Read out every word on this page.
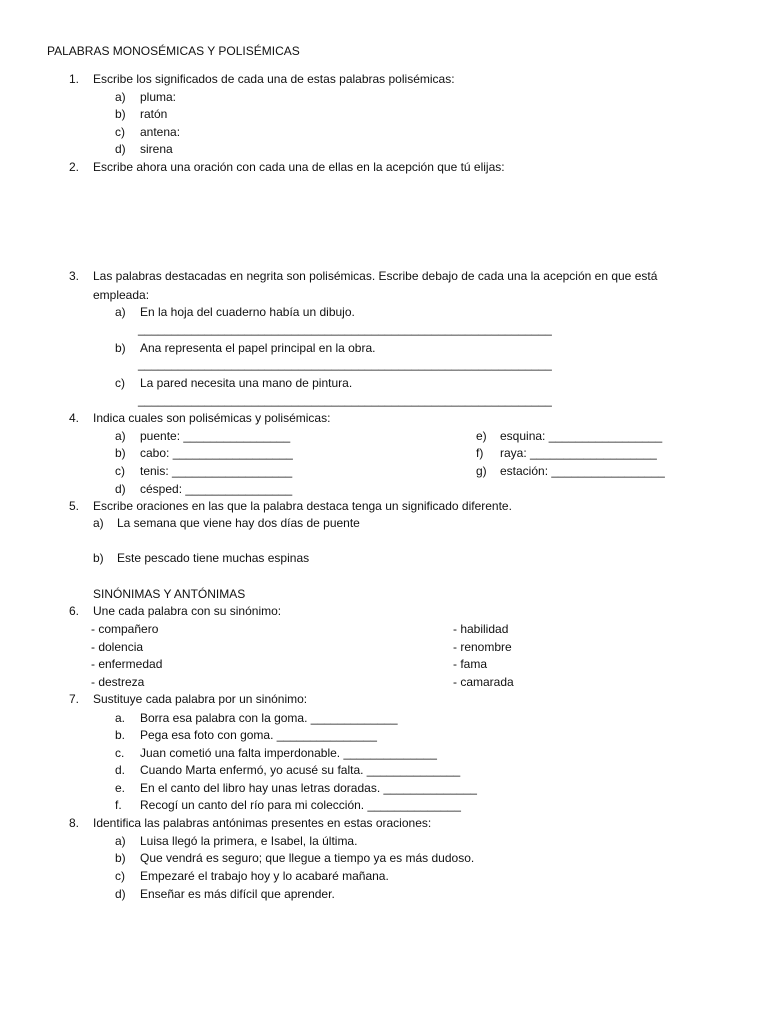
PALABRAS MONOSÉMICAS Y POLISÉMICAS
1. Escribe los significados de cada una de estas palabras polisémicas:
a) pluma:
b) ratón
c) antena:
d) sirena
2. Escribe ahora una oración con cada una de ellas en la acepción que tú elijas:
3. Las palabras destacadas en negrita son polisémicas. Escribe debajo de cada una la acepción en que está
empleada:
a) En la hoja del cuaderno había un dibujo.
______________________________________________________________
b) Ana representa el papel principal en la obra.
______________________________________________________________
c) La pared necesita una mano de pintura.
______________________________________________________________
4. Indica cuales son polisémicas y polisémicas:
a) puente: ________________
b) cabo: __________________
c) tenis: __________________
d) césped: ________________
e) esquina: _________________
f) raya: ___________________
g) estación: _________________
5. Escribe oraciones en las que la palabra destaca tenga un significado diferente.
a) La semana que viene hay dos días de puente
b) Este pescado tiene muchas espinas
SINÓNIMAS Y ANTÓNIMAS
6. Une cada palabra con su sinónimo:
- compañero
- dolencia
- enfermedad
- destreza
- habilidad
- renombre
- fama
- camarada
7. Sustituye cada palabra por un sinónimo:
a. Borra esa palabra con la goma. _____________
b. Pega esa foto con goma. _______________
c. Juan cometió una falta imperdonable. ______________
d. Cuando Marta enfermó, yo acusé su falta. ______________
e. En el canto del libro hay unas letras doradas. ______________
f. Recogí un canto del río para mi colección. ______________
8. Identifica las palabras antónimas presentes en estas oraciones:
a) Luisa llegó la primera, e Isabel, la última.
b) Que vendrá es seguro; que llegue a tiempo ya es más dudoso.
c) Empezaré el trabajo hoy y lo acabaré mañana.
d) Enseñar es más difícil que aprender.
